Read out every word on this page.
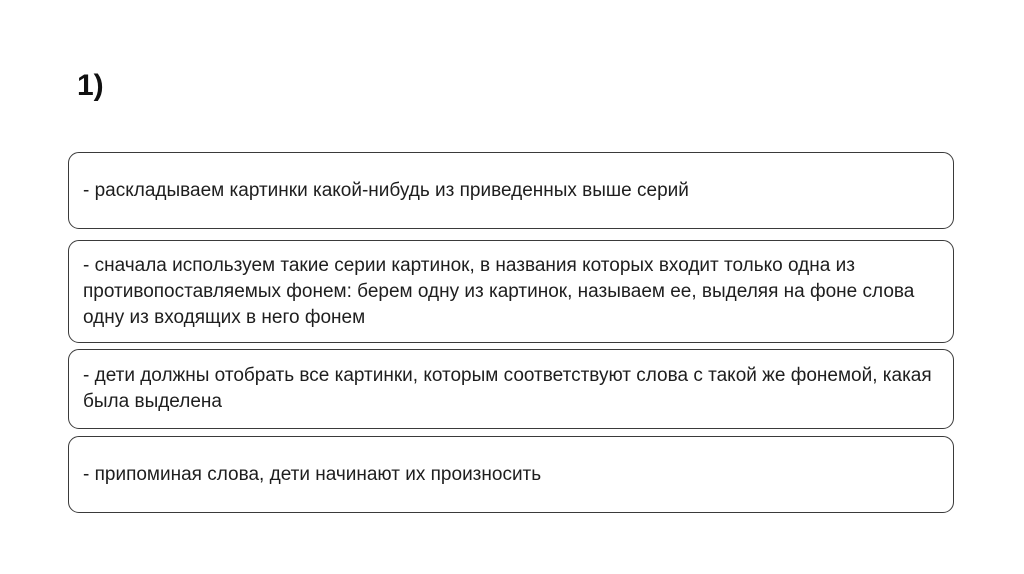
1)

- раскладываем картинки какой-нибудь из приведенных выше серий

- сначала используем такие серии картинок, в названия которых входит только одна из противопоставляемых фонем: берем одну из картинок, называем ее, выделяя на фоне слова одну из входящих в него фонем

- дети должны отобрать все картинки, которым соответствуют слова с такой же фонемой, какая была выделена

- припоминая слова, дети начинают их произносить
